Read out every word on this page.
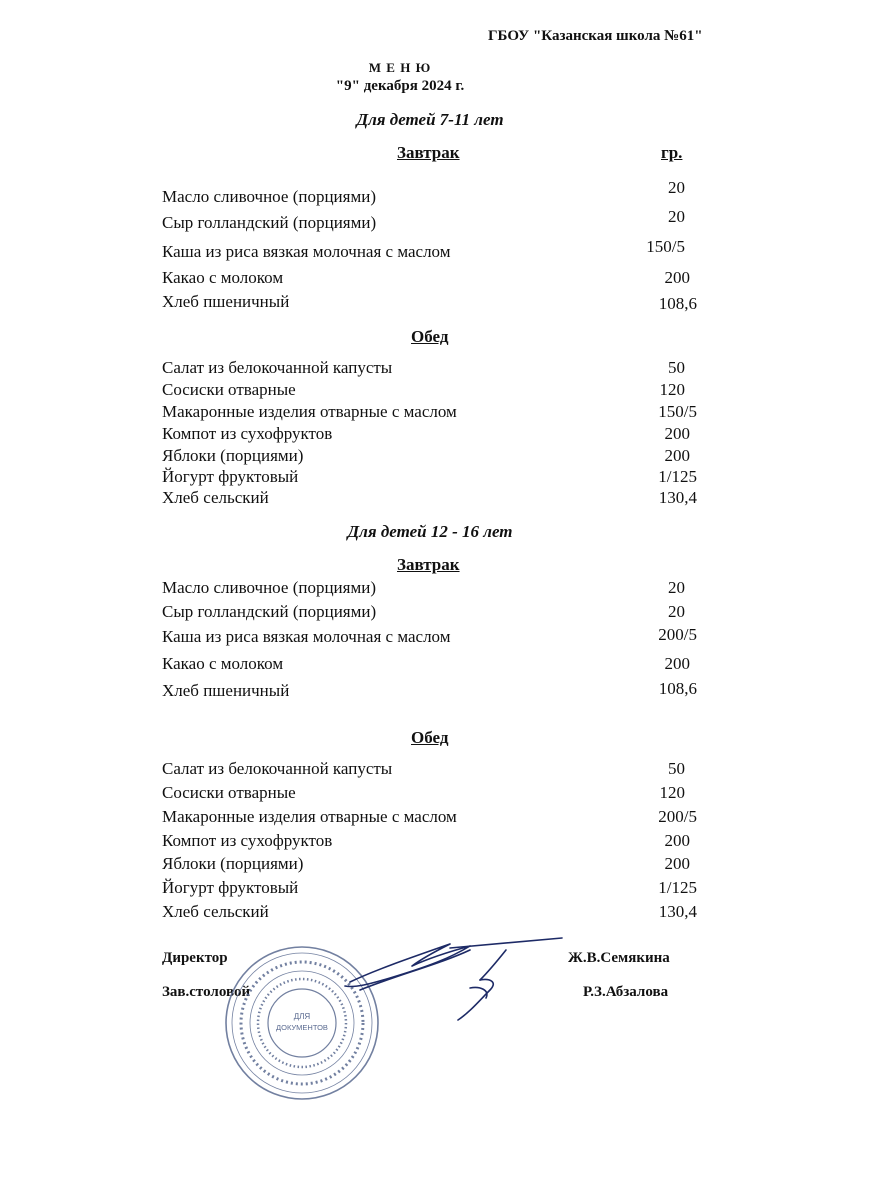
ГБОУ "Казанская школа №61"
М Е Н Ю
"9" декабря 2024 г.
Для детей 7-11 лет
Завтрак	гр.
Масло сливочное (порциями)	20
Сыр голландский (порциями)	20
Каша из риса вязкая молочная с маслом	150/5
Какао с молоком	200
Хлеб пшеничный	108,6
Обед
Салат из белокочанной капусты	50
Сосиски отварные	120
Макаронные изделия отварные с маслом	150/5
Компот из сухофруктов	200
Яблоки (порциями)	200
Йогурт фруктовый	1/125
Хлеб сельский	130,4
Для детей 12 - 16 лет
Завтрак
Масло сливочное (порциями)	20
Сыр голландский (порциями)	20
Каша из риса вязкая молочная с маслом	200/5
Какао с молоком	200
Хлеб пшеничный	108,6
Обед
Салат из белокочанной капусты	50
Сосиски отварные	120
Макаронные изделия отварные с маслом	200/5
Компот из сухофруктов	200
Яблоки (порциями)	200
Йогурт фруктовый	1/125
Хлеб сельский	130,4
Директор	Ж.В.Семякина
Зав.столовой	Р.З.Абзалова
ДЛЯ
ДОКУМЕНТОВ
